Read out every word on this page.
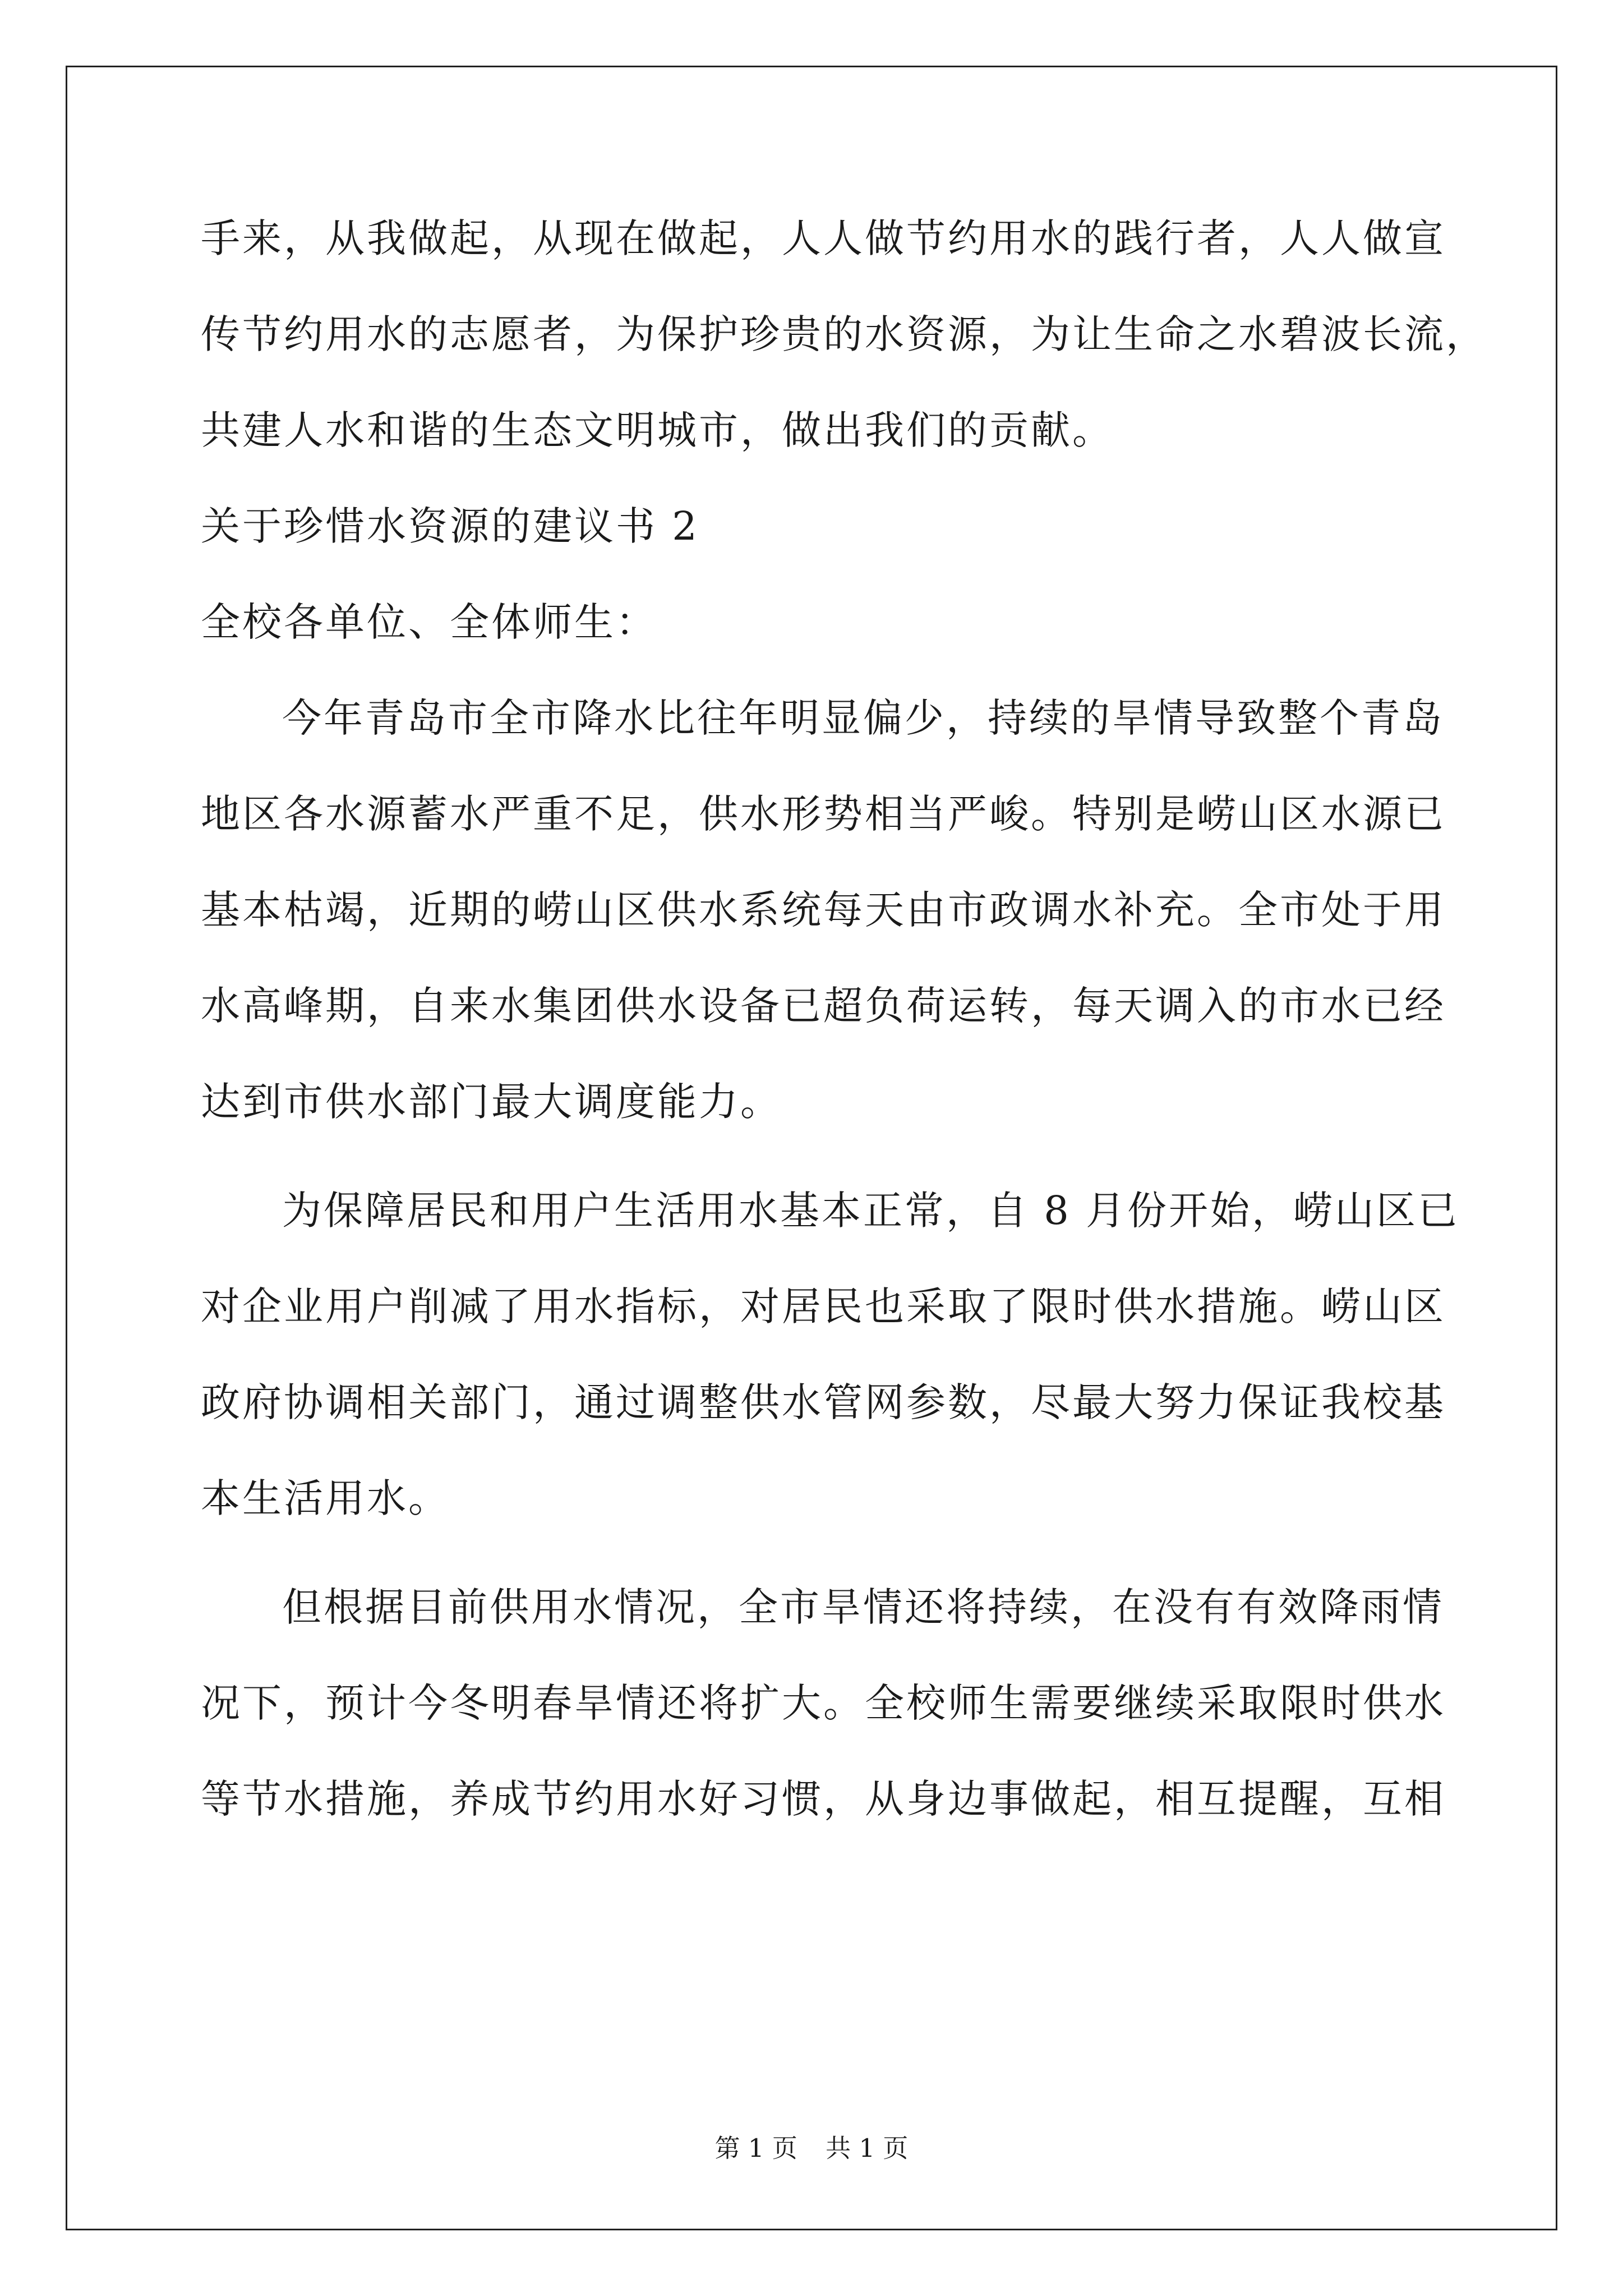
手来，从我做起，从现在做起，人人做节约用水的践行者，人人做宣
传节约用水的志愿者，为保护珍贵的水资源，为让生命之水碧波长流，
共建人水和谐的生态文明城市，做出我们的贡献。
关于珍惜水资源的建议书 2
全校各单位、全体师生：
今年青岛市全市降水比往年明显偏少，持续的旱情导致整个青岛
地区各水源蓄水严重不足，供水形势相当严峻。特别是崂山区水源已
基本枯竭，近期的崂山区供水系统每天由市政调水补充。全市处于用
水高峰期，自来水集团供水设备已超负荷运转，每天调入的市水已经
达到市供水部门最大调度能力。
为保障居民和用户生活用水基本正常，自 8 月份开始，崂山区已
对企业用户削减了用水指标，对居民也采取了限时供水措施。崂山区
政府协调相关部门，通过调整供水管网参数，尽最大努力保证我校基
本生活用水。
但根据目前供用水情况，全市旱情还将持续，在没有有效降雨情
况下，预计今冬明春旱情还将扩大。全校师生需要继续采取限时供水
等节水措施，养成节约用水好习惯，从身边事做起，相互提醒，互相
第 1 页 共 1 页
